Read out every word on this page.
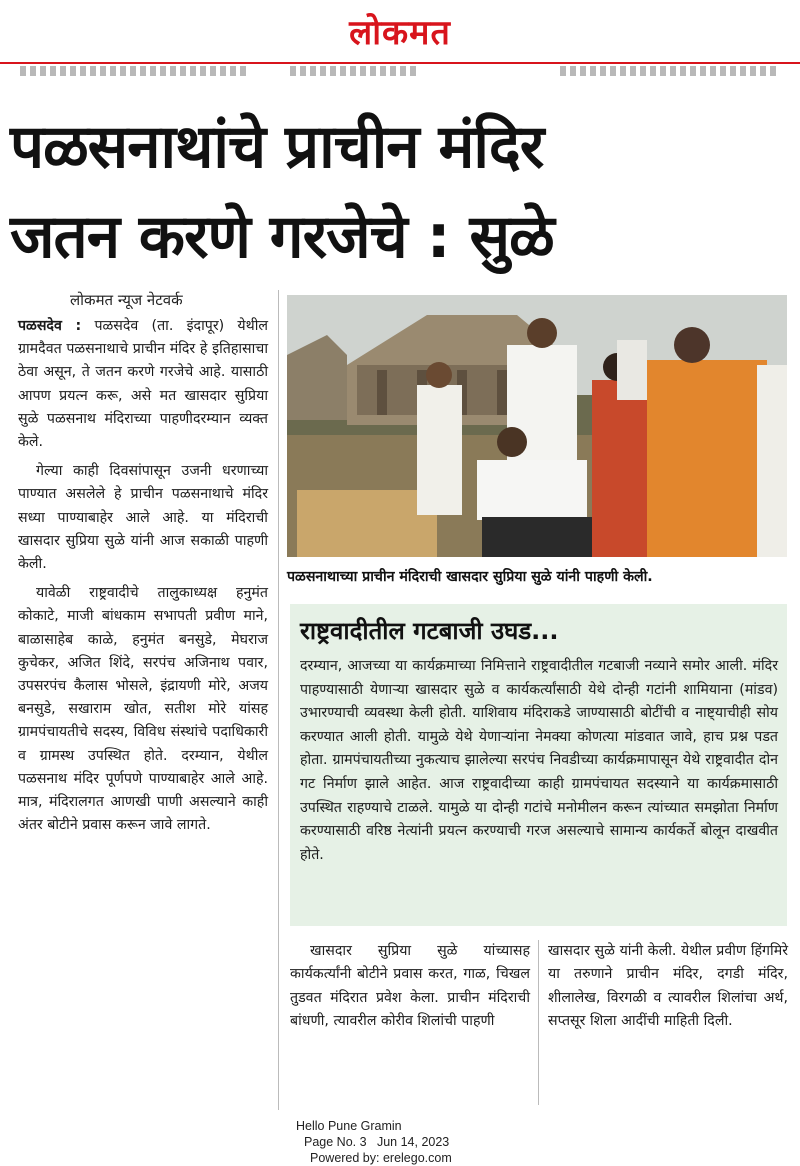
लोकमत
पळसनाथांचे प्राचीन मंदिर
जतन करणे गरजेचे : सुळे
लोकमत न्यूज नेटवर्क

पळसदेव : पळसदेव (ता. इंदापूर) येथील ग्रामदैवत पळसनाथाचे प्राचीन मंदिर हे इतिहासाचा ठेवा असून, ते जतन करणे गरजेचे आहे. यासाठी आपण प्रयत्न करू, असे मत खासदार सुप्रिया सुळे पळसनाथ मंदिराच्या पाहणीदरम्यान व्यक्त केले.

गेल्या काही दिवसांपासून उजनी धरणाच्या पाण्यात असलेले हे प्राचीन पळसनाथाचे मंदिर सध्या पाण्याबाहेर आले आहे. या मंदिराची खासदार सुप्रिया सुळे यांनी आज सकाळी पाहणी केली.

यावेळी राष्ट्रवादीचे तालुकाध्यक्ष हनुमंत कोकाटे, माजी बांधकाम सभापती प्रवीण माने, बाळासाहेब काळे, हनुमंत बनसुडे, मेघराज कुचेकर, अजित शिंदे, सरपंच अजिनाथ पवार, उपसरपंच कैलास भोसले, इंद्रायणी मोरे, अजय बनसुडे, सखाराम खोत, सतीश मोरे यांसह ग्रामपंचायतीचे सदस्य, विविध संस्थांचे पदाधिकारी व ग्रामस्थ उपस्थित होते. दरम्यान, येथील पळसनाथ मंदिर पूर्णपणे पाण्याबाहेर आले आहे. मात्र, मंदिरालगत आणखी पाणी असल्याने काही अंतर बोटीने प्रवास करून जावे लागते.

पळसनाथाच्या प्राचीन मंदिराची खासदार सुप्रिया सुळे यांनी पाहणी केली.
राष्ट्रवादीतील गटबाजी उघड...

दरम्यान, आजच्या या कार्यक्रमाच्या निमित्ताने राष्ट्रवादीतील गटबाजी नव्याने समोर आली. मंदिर पाहण्यासाठी येणाऱ्या खासदार सुळे व कार्यकर्त्यांसाठी येथे दोन्ही गटांनी शामियाना (मांडव) उभारण्याची व्यवस्था केली होती. याशिवाय मंदिराकडे जाण्यासाठी बोटींची व नाष्ट्याचीही सोय करण्यात आली होती. यामुळे येथे येणाऱ्यांना नेमक्या कोणत्या मांडवात जावे, हाच प्रश्न पडत होता. ग्रामपंचायतीच्या नुकत्याच झालेल्या सरपंच निवडीच्या कार्यक्रमापासून येथे राष्ट्रवादीत दोन गट निर्माण झाले आहेत. आज राष्ट्रवादीच्या काही ग्रामपंचायत सदस्याने या कार्यक्रमासाठी उपस्थित राहण्याचे टाळले. यामुळे या दोन्ही गटांचे मनोमीलन करून त्यांच्यात समझोता निर्माण करण्यासाठी वरिष्ठ नेत्यांनी प्रयत्न करण्याची गरज असल्याचे सामान्य कार्यकर्ते बोलून दाखवीत होते.

खासदार सुप्रिया सुळे यांच्यासह कार्यकर्त्यांनी बोटीने प्रवास करत, गाळ, चिखल तुडवत मंदिरात प्रवेश केला. प्राचीन मंदिराची बांधणी, त्यावरील कोरीव शिलांची पाहणी

खासदार सुळे यांनी केली. येथील प्रवीण हिंगमिरे या तरुणाने प्राचीन मंदिर, दगडी मंदिर, शीलालेख, विरगळी व त्यावरील शिलांचा अर्थ, सप्तसूर शिला आदींची माहिती दिली.

Hello Pune Gramin
Page No. 3 Jun 14, 2023
Powered by: erelego.com
